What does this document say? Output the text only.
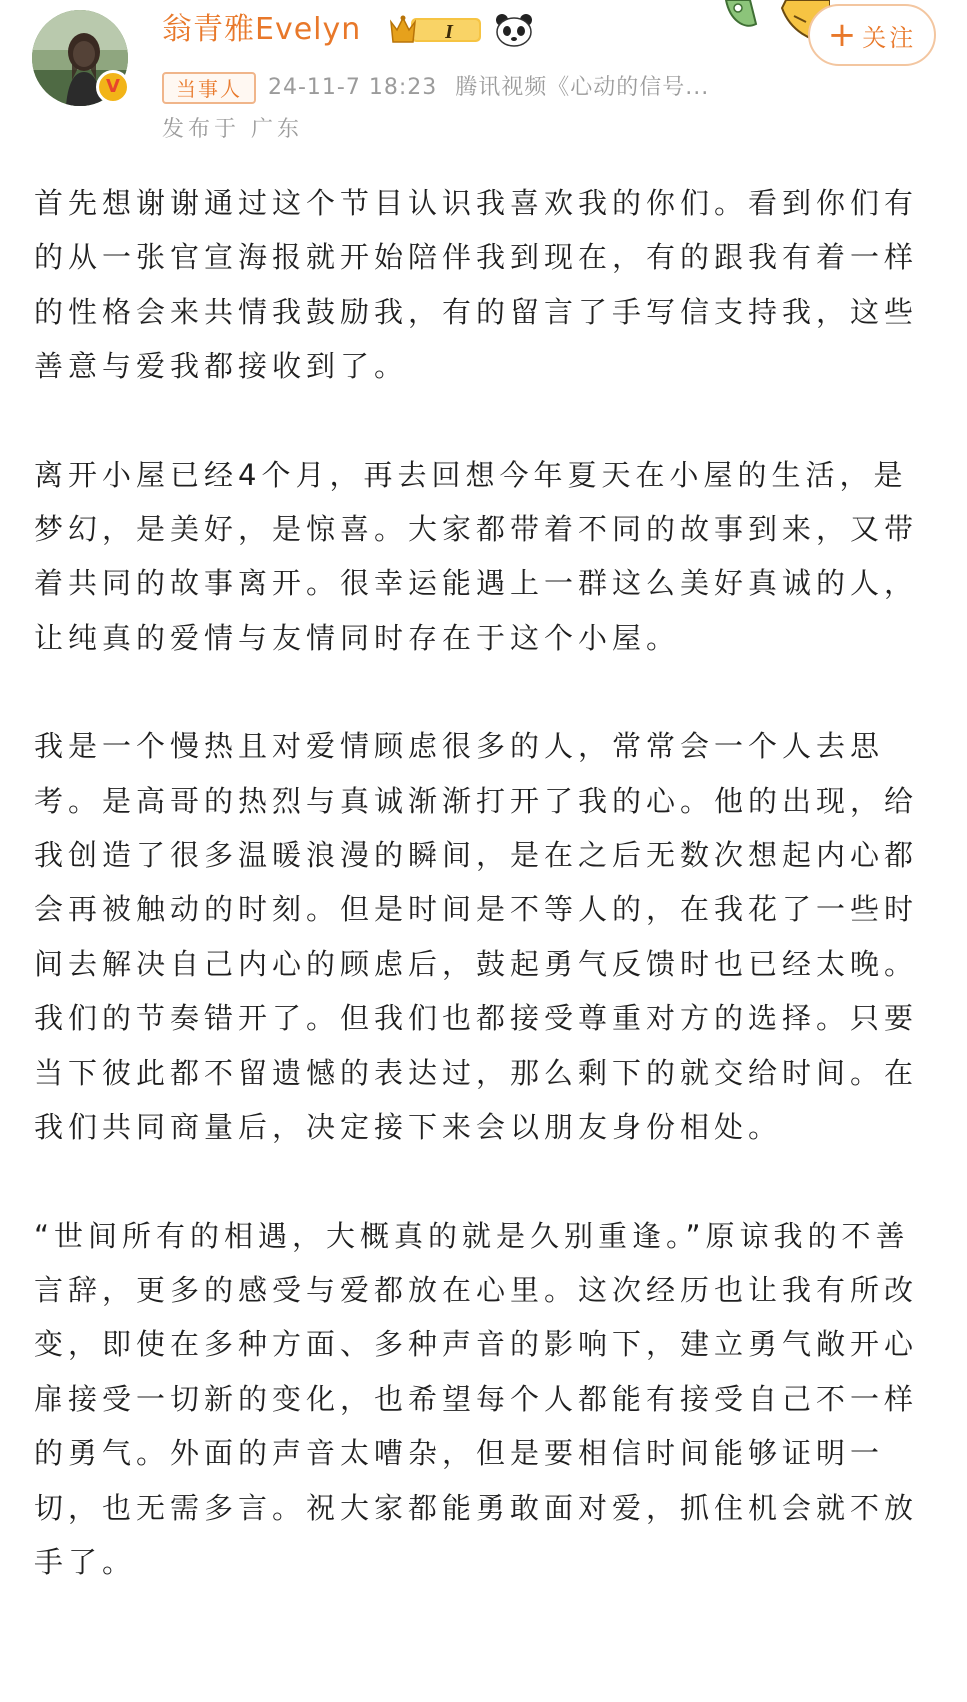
V
翁青雅Evelyn	I	+ 关注
当事人	24-11-7 18:23 腾讯视频《心动的信号...
发布于 广东

首先想谢谢通过这个节目认识我喜欢我的你们。看到你们有的从一张官宣海报就开始陪伴我到现在，有的跟我有着一样的性格会来共情我鼓励我，有的留言了手写信支持我，这些善意与爱我都接收到了。

离开小屋已经4个月，再去回想今年夏天在小屋的生活，是梦幻，是美好，是惊喜。大家都带着不同的故事到来，又带着共同的故事离开。很幸运能遇上一群这么美好真诚的人，让纯真的爱情与友情同时存在于这个小屋。

我是一个慢热且对爱情顾虑很多的人，常常会一个人去思考。是高哥的热烈与真诚渐渐打开了我的心。他的出现，给我创造了很多温暖浪漫的瞬间，是在之后无数次想起内心都会再被触动的时刻。但是时间是不等人的，在我花了一些时间去解决自己内心的顾虑后，鼓起勇气反馈时也已经太晚。我们的节奏错开了。但我们也都接受尊重对方的选择。只要当下彼此都不留遗憾的表达过，那么剩下的就交给时间。在我们共同商量后，决定接下来会以朋友身份相处。

“世间所有的相遇，大概真的就是久别重逢。”原谅我的不善言辞，更多的感受与爱都放在心里。这次经历也让我有所改变，即使在多种方面、多种声音的影响下，建立勇气敞开心扉接受一切新的变化，也希望每个人都能有接受自己不一样的勇气。外面的声音太嘈杂，但是要相信时间能够证明一切，也无需多言。祝大家都能勇敢面对爱，抓住机会就不放手了。
